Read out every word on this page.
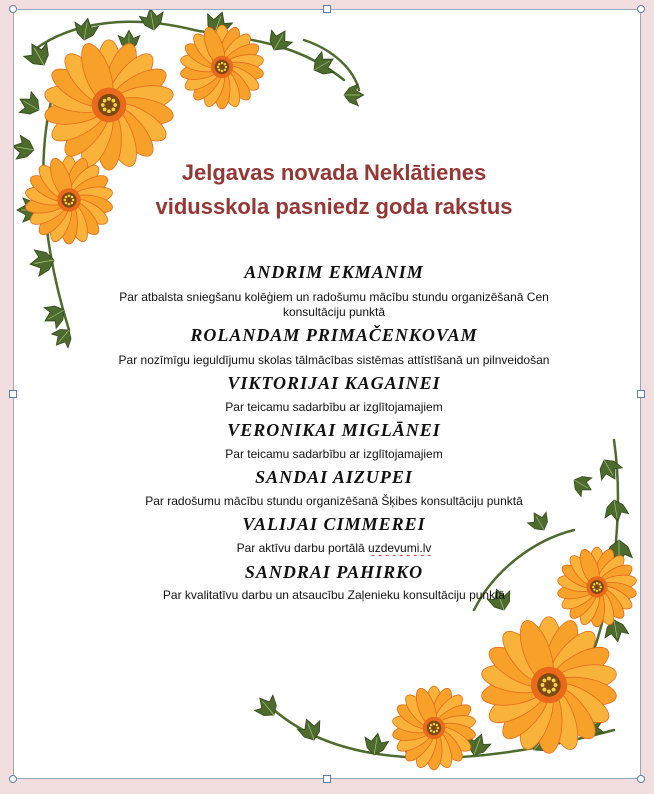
Jelgavas novada Neklātienes
vidusskola pasniedz goda rakstus
ANDRIM EKMANIM
Par atbalsta sniegšanu kolēģiem un radošumu mācību stundu organizēšanā Cen
konsultāciju punktā
ROLANDAM PRIMAČENKOVAM
Par nozīmīgu ieguldījumu skolas tālmācības sistēmas attīstīšanā un pilnveidošan
VIKTORIJAI KAGAINEI
Par teicamu sadarbību ar izglītojamajiem
VERONIKAI MIGLĀNEI
Par teicamu sadarbību ar izglītojamajiem
SANDAI AIZUPEI
Par radošumu mācību stundu organizēšanā Šķibes konsultāciju punktā
VALIJAI CIMMEREI
Par aktīvu darbu portālā uzdevumi.lv
SANDRAI PAHIRKO
Par kvalitatīvu darbu un atsaucību Zaļenieku konsultāciju punktā
